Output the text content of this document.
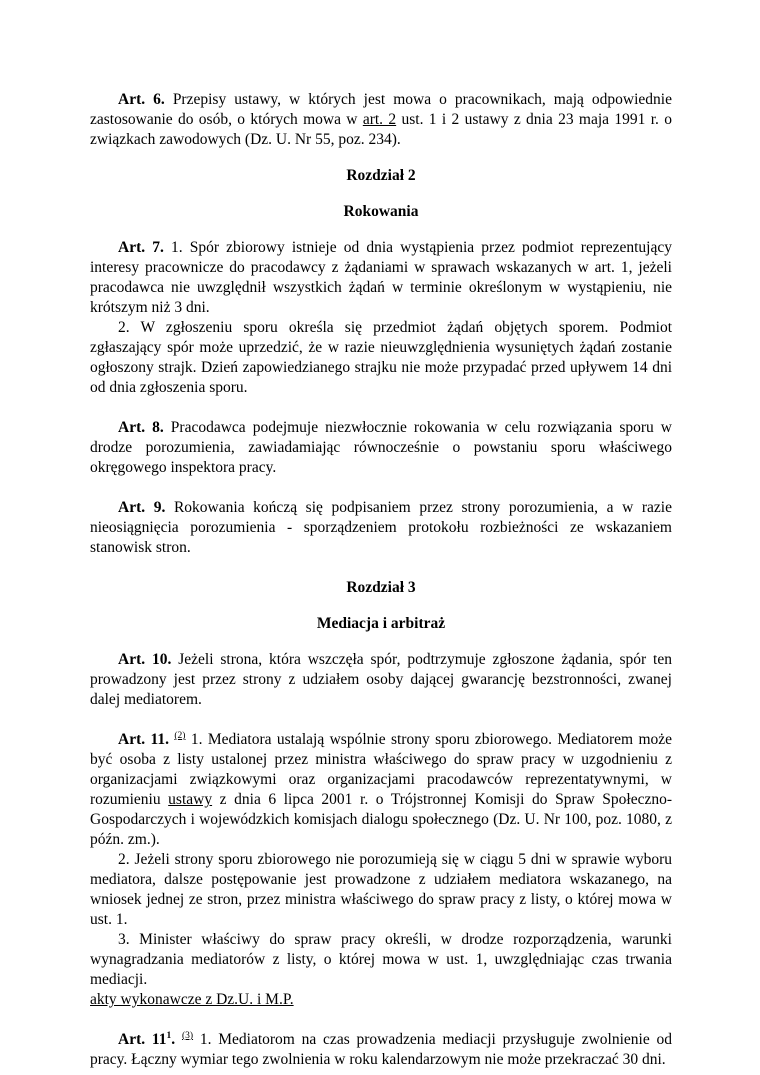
Art. 6. Przepisy ustawy, w których jest mowa o pracownikach, mają odpowiednie zastosowanie do osób, o których mowa w art. 2 ust. 1 i 2 ustawy z dnia 23 maja 1991 r. o związkach zawodowych (Dz. U. Nr 55, poz. 234).

Rozdział 2
Rokowania

Art. 7. 1. Spór zbiorowy istnieje od dnia wystąpienia przez podmiot reprezentujący interesy pracownicze do pracodawcy z żądaniami w sprawach wskazanych w art. 1, jeżeli pracodawca nie uwzględnił wszystkich żądań w terminie określonym w wystąpieniu, nie krótszym niż 3 dni.

2. W zgłoszeniu sporu określa się przedmiot żądań objętych sporem. Podmiot zgłaszający spór może uprzedzić, że w razie nieuwzględnienia wysuniętych żądań zostanie ogłoszony strajk. Dzień zapowiedzianego strajku nie może przypadać przed upływem 14 dni od dnia zgłoszenia sporu.

Art. 8. Pracodawca podejmuje niezwłocznie rokowania w celu rozwiązania sporu w drodze porozumienia, zawiadamiając równocześnie o powstaniu sporu właściwego okręgowego inspektora pracy.

Art. 9. Rokowania kończą się podpisaniem przez strony porozumienia, a w razie nieosiągnięcia porozumienia - sporządzeniem protokołu rozbieżności ze wskazaniem stanowisk stron.

Rozdział 3
Mediacja i arbitraż

Art. 10. Jeżeli strona, która wszczęła spór, podtrzymuje zgłoszone żądania, spór ten prowadzony jest przez strony z udziałem osoby dającej gwarancję bezstronności, zwanej dalej mediatorem.

Art. 11. $^{(2)}$ 1. Mediatora ustalają wspólnie strony sporu zbiorowego. Mediatorem może być osoba z listy ustalonej przez ministra właściwego do spraw pracy w uzgodnieniu z organizacjami związkowymi oraz organizacjami pracodawców reprezentatywnymi, w rozumieniu ustawy z dnia 6 lipca 2001 r. o Trójstronnej Komisji do Spraw Społeczno-Gospodarczych i wojewódzkich komisjach dialogu społecznego (Dz. U. Nr 100, poz. 1080, z późn. zm.).

2. Jeżeli strony sporu zbiorowego nie porozumieją się w ciągu 5 dni w sprawie wyboru mediatora, dalsze postępowanie jest prowadzone z udziałem mediatora wskazanego, na wniosek jednej ze stron, przez ministra właściwego do spraw pracy z listy, o której mowa w ust. 1.

3. Minister właściwy do spraw pracy określi, w drodze rozporządzenia, warunki wynagradzania mediatorów z listy, o której mowa w ust. 1, uwzględniając czas trwania mediacji.

akty wykonawcze z Dz.U. i M.P.

Art. $11^1$. $^{(3)}$ 1. Mediatorom na czas prowadzenia mediacji przysługuje zwolnienie od pracy. Łączny wymiar tego zwolnienia w roku kalendarzowym nie może przekraczać 30 dni.
